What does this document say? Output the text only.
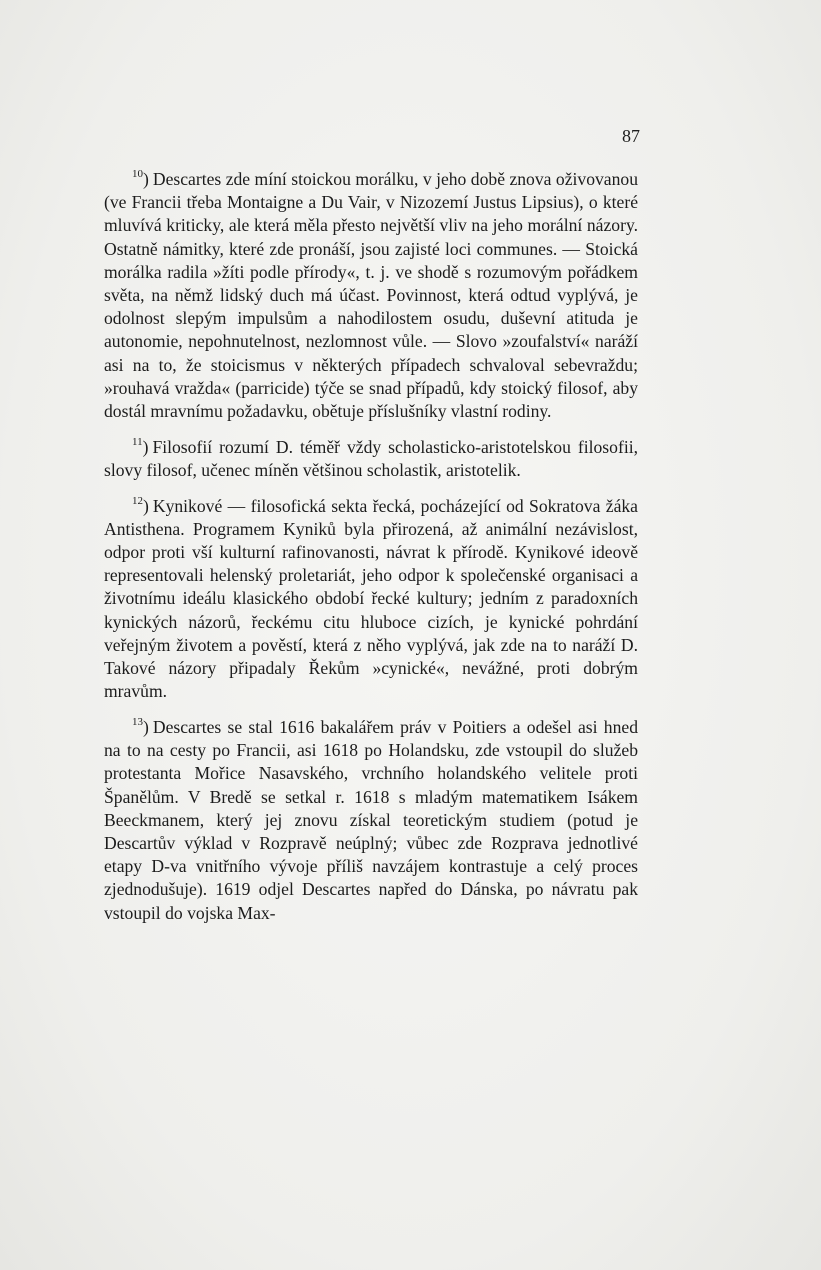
87

$^{10}$) Descartes zde míní stoickou morálku, v jeho době znova oživovanou (ve Francii třeba Montaigne a Du Vair, v Nizozemí Justus Lipsius), o které mluvívá kriticky, ale která měla přesto největší vliv na jeho morální názory. Ostatně námitky, které zde pronáší, jsou zajisté loci communes. — Stoická morálka radila »žíti podle přírody«, t. j. ve shodě s rozumovým pořádkem světa, na němž lidský duch má účast. Povinnost, která odtud vyplývá, je odolnost slepým impulsům a nahodilostem osudu, duševní atituda je autonomie, nepohnutelnost, nezlomnost vůle. — Slovo »zoufalství« naráží asi na to, že stoicismus v některých případech schvaloval sebevraždu; »rouhavá vražda« (parricide) týče se snad případů, kdy stoický filosof, aby dostál mravnímu požadavku, obětuje příslušníky vlastní rodiny.

$^{11}$) Filosofií rozumí D. téměř vždy scholasticko-aristotelskou filosofii, slovy filosof, učenec míněn většinou scholastik, aristotelik.

$^{12}$) Kynikové — filosofická sekta řecká, pocházející od Sokratova žáka Antisthena. Programem Kyniků byla přirozená, až animální nezávislost, odpor proti vší kulturní rafinovanosti, návrat k přírodě. Kynikové ideově representovali helenský proletariát, jeho odpor k společenské organisaci a životnímu ideálu klasického období řecké kultury; jedním z paradoxních kynických názorů, řeckému citu hluboce cizích, je kynické pohrdání veřejným životem a pověstí, která z něho vyplývá, jak zde na to naráží D. Takové názory připadaly Řekům »cynické«, nevážné, proti dobrým mravům.

$^{13}$) Descartes se stal 1616 bakalářem práv v Poitiers a odešel asi hned na to na cesty po Francii, asi 1618 po Holandsku, zde vstoupil do služeb protestanta Mořice Nasavského, vrchního holandského velitele proti Španělům. V Bredě se setkal r. 1618 s mladým matematikem Isákem Beeckmanem, který jej znovu získal teoretickým studiem (potud je Descartův výklad v Rozpravě neúplný; vůbec zde Rozprava jednotlivé etapy D-va vnitřního vývoje příliš navzájem kontrastuje a celý proces zjednodušuje). 1619 odjel Descartes napřed do Dánska, po návratu pak vstoupil do vojska Max-
